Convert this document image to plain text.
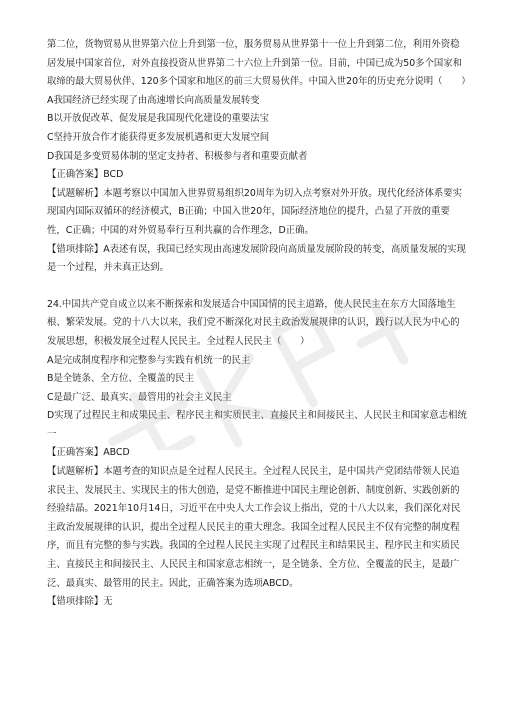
第二位，货物贸易从世界第六位上升到第一位，服务贸易从世界第十一位上升到第二位，利用外资稳居发展中国家首位，对外直接投资从世界第二十六位上升到第一位。目前，中国已成为50多个国家和取缔的最大贸易伙伴、120多个国家和地区的前三大贸易伙伴。中国入世20年的历史充分说明（　　）

A我国经济已经实现了由高速增长向高质量发展转变

B以开放促改革、促发展是我国现代化建设的重要法宝

C坚持开放合作才能获得更多发展机遇和更大发展空间

D我国是多变贸易体制的坚定支持者、积极参与者和重要贡献者

【正确答案】BCD

【试题解析】本题考察以中国加入世界贸易组织20周年为切入点考察对外开放。现代化经济体系要实现国内国际双循环的经济模式，B正确；中国入世20年，国际经济地位的提升，凸显了开放的重要性，C正确；中国的对外贸易奉行互利共赢的合作理念，D正确。

【错项排除】A表述有误，我国已经实现由高速发展阶段向高质量发展阶段的转变，高质量发展的实现是一个过程，并未真正达到。

24.中国共产党自成立以来不断探索和发展适合中国国情的民主道路，使人民民主在东方大国落地生根、繁荣发展。党的十八大以来，我们党不断深化对民主政治发展规律的认识，践行以人民为中心的发展思想，积极发展全过程人民民主。全过程人民民主（　　）

A是完成制度程序和完整参与实践有机统一的民主

B是全链条、全方位、全覆盖的民主

C是最广泛、最真实、最管用的社会主义民主

D实现了过程民主和成果民主、程序民主和实质民主、直接民主和间接民主、人民民主和国家意志相统一

【正确答案】ABCD

【试题解析】本题考查的知识点是全过程人民民主。全过程人民民主，是中国共产党团结带领人民追求民主、发展民主、实现民主的伟大创造，是党不断推进中国民主理论创新、制度创新、实践创新的经验结晶。2021年10月14日，习近平在中央人大工作会议上指出，党的十八大以来，我们深化对民主政治发展规律的认识，提出全过程人民民主的重大理念。我国全过程人民民主不仅有完整的制度程序，而且有完整的参与实践。我国的全过程人民民主实现了过程民主和结果民主、程序民主和实质民主、直接民主和间接民主、人民民主和国家意志相统一，是全链条、全方位、全覆盖的民主，是最广泛、最真实、最管用的民主。因此，正确答案为选项ABCD。

【错项排除】无
